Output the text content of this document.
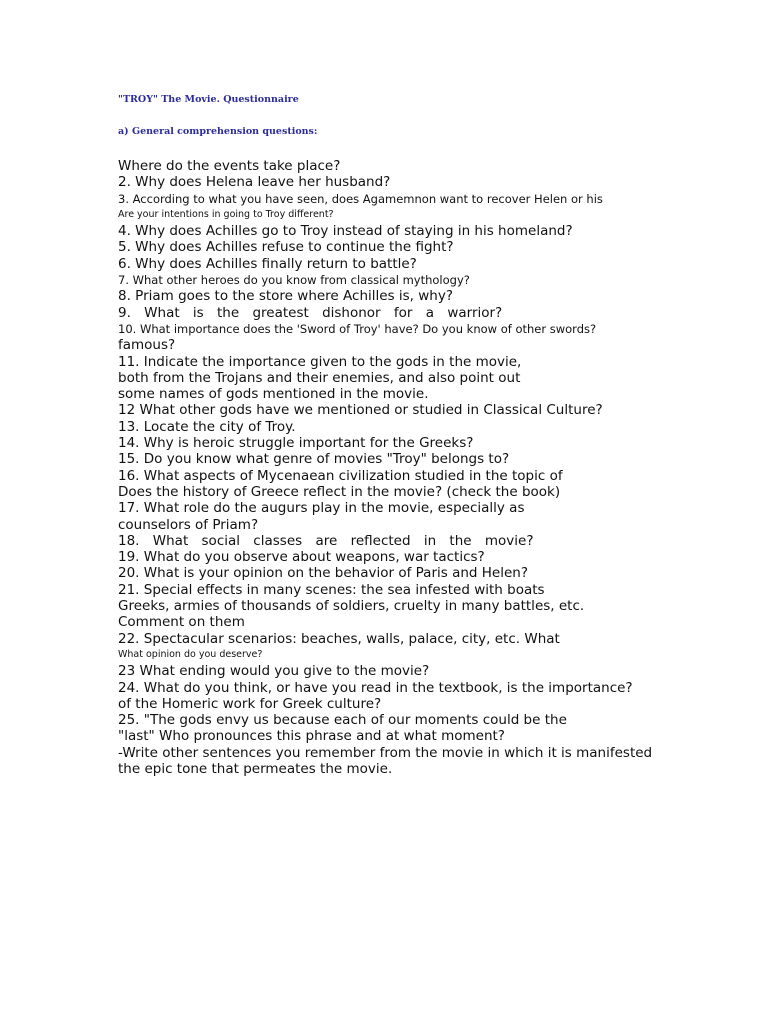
"TROY" The Movie. Questionnaire
a) General comprehension questions:
Where do the events take place?
2. Why does Helena leave her husband?
3. According to what you have seen, does Agamemnon want to recover Helen or his
Are your intentions in going to Troy different?
4. Why does Achilles go to Troy instead of staying in his homeland?
5. Why does Achilles refuse to continue the fight?
6. Why does Achilles finally return to battle?
7. What other heroes do you know from classical mythology?
8. Priam goes to the store where Achilles is, why?
9. What is the greatest dishonor for a warrior?
10. What importance does the 'Sword of Troy' have? Do you know of other swords?
famous?
11. Indicate the importance given to the gods in the movie,
both from the Trojans and their enemies, and also point out
some names of gods mentioned in the movie.
12 What other gods have we mentioned or studied in Classical Culture?
13. Locate the city of Troy.
14. Why is heroic struggle important for the Greeks?
15. Do you know what genre of movies "Troy" belongs to?
16. What aspects of Mycenaean civilization studied in the topic of
Does the history of Greece reflect in the movie? (check the book)
17. What role do the augurs play in the movie, especially as
counselors of Priam?
18. What social classes are reflected in the movie?
19. What do you observe about weapons, war tactics?
20. What is your opinion on the behavior of Paris and Helen?
21. Special effects in many scenes: the sea infested with boats
Greeks, armies of thousands of soldiers, cruelty in many battles, etc.
Comment on them
22. Spectacular scenarios: beaches, walls, palace, city, etc. What
What opinion do you deserve?
23 What ending would you give to the movie?
24. What do you think, or have you read in the textbook, is the importance?
of the Homeric work for Greek culture?
25. "The gods envy us because each of our moments could be the
"last" Who pronounces this phrase and at what moment?
-Write other sentences you remember from the movie in which it is manifested
the epic tone that permeates the movie.
